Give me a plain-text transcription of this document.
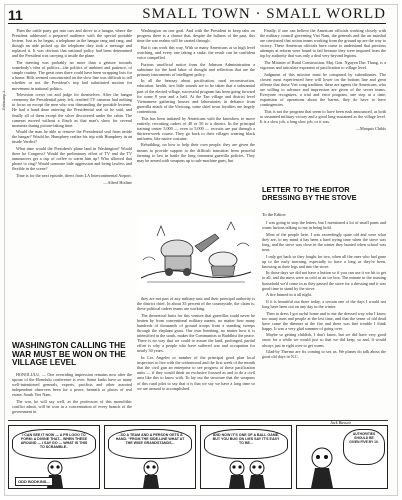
11	SMALL TOWN · SMALL WORLD
February 1

Then the cattle party got into cars and drove to a hangar, where the President addressed a prepared audience with the special portable lectern. Just as he began, a telephone in the hangar rang and rang, and though an aide picked up the telephone they took a message and replaced it. It was obvious that national policy had been determined and the President was carrying it inside the plane.

The meeting was probably no more than a gesture towards somebody's idea of politics—the politics of ambient and patience, of simple routine. The great ones there could have been wrapping lists for a home. Bills seemed concentrated on the slow line was difficult to tell whether or not the President's trip had substituted motion for movement in national politics.

Television crews cut and judge for themselves. After the hangar ceremony the Presidential party left, reached TV cameras had nothing to focus on except the men who was dismantling the portable lecterns. He had a hand done entering the Presidential seal so he said, and finally all of them except the silver discovered under the cabin. The cameras moved without a flinch as that man's show for several moments during picture-taking time.

Would the man be able to remove the Presidential seal from inside the hangar? Would he, Humphrey realize his trip with Humphrey in an inside Verdict?

What time would the President's plane land in Washington? Would there be Congress? Would the preliminary effort of TV and the TV announcers get a cup of coffee to warm him up? Who allowed that phone to ring? Would someone hide aggression and being lawless and flexible in the scene?

Time is for the next episode, direct from LA Intercontinental Airport.

—Alfred Hotline

WASHINGTON CALLING THE WAR MUST BE WON ON THE VILLAGE LEVEL

HONOLULU. — One overriding impression remains now after the uproar of the Honolulu conference is over. Some kinks have so many well-intentioned generals, experts, pacifists and other assorted independent observers been for a peace, beneath or places of real estate, South Viet Nam.

The war, he will say well, as the professors of this monolithic conflict admit, will be won in a concentration of every branch of the government in

Washington on one goal. And with the President to keep tabs on progress there is a chance that, despite the failures of the past, this time the war realms will be carried through.

But it can work this way. With so many Americans at so high level watching, and every one taking a stake, the result can be confident voice compelled.

Furious unofficial notice from the Johnson Administration a substitute for the hard labor of thought and reflection that are the primary instruments of intelligent policy.

In all the hearsay about pacification, rural reconstruction, education, health, two little sounds are to be taken that a substantial part of the elected village, successful program has been going forward for some 8 year and a half. At the Tan village and district level Vietnamese gathering houses and laboratories in defiance from guerrilla attack of the Vietcong, some chief town loyalties are largely contentious.

This has been initiated by Americans with the knowhow to move entirely, recruiting cadres of 40 or 50 to a district. In the principal training center 5,000 — even to 5,000 — recruits are put through a thirteen-week course. They go back to their villages wearing black uniforms, like native costume.

Rebuilding, on how to help their own people, they are given the means to provide support to the difficult transition from peaceful farming to law in battle the long comment guerrilla policies. They may be armed with weapons up to sub-machine guns, but

they are not part of any military unit and their principal authority is the district chief. In about 35 percent of the countryside, the claim is, these political cadres teams are working.

The theoretical basis for this venture that guerrillas could never be beaten by from conventional military means, no matter how many hundreds of thousands of ground troops from a standing sweeps through the elephant grass. Our own bombing, no matter how it is intensified in the south, makes the Communists to Buddhist the peace. There is no way that we could to assure the land, prolonged, partial effort is why a people who have suffered war and occupation for nearly 30 years.

In Los Angeles or number of the principal good plan local inspectors to live with the cottonwood and the first week of the month that the civil gun an enterprise to see progress of these pacification units — if they would think an exclusive focused as and to do a civil area like this to know with. To lay out the structure that the weapons of this rural pilot to say that it is that we say we have a long time so we are around to accomplished.

Finally, if one can believe the American officials working closely with the military council governing Viet Nam, the generals and the air marshal are convinced that action teams working from the ground up are the way to victory. These American officials have come to understand that previous attempts at reform were found to fail because they were imposed from the top by authority that was only a deal very beyond legions.

The Minister of Rural Construction, Maj. Gen. Nguyen Duc Thang, is a vigorous and articulate exponent of pacification to village level.

Judgment of this mission must be compared by subordinates. The closest most experienced here will lower on the bottom line and great offense that those Viet cong tradition; these are agents the Americans, who are willing to advance and impression are given of the secret teams. Everyone recognizes, a trial and error program, one step at a time, expansion of operations about the harms, they do have to have contingencies.

This is not the program that seem to have been rush announced, as both to sustained military victory and a good long-sustained as the village level. It is a slow job, a long slow job, or it was.

—Marquis Childs

LETTER TO THE EDITOR DRESSING BY THE STOVE
To the Editor:

I was going to stop the letters, but I mentioned a lot of small pants and warm furious talking to me in being bold.

Most of the people here, I was exceedingly quite old and were what they are, to my mind it has been a hard trying time when the stove was long, and the stove was close in the winter they hunted when school was near.

I only got back so they fought for two, when all the ones who had gone up to the early morning, especially to have a long as they're been, knowing as their legs and into the stove.

In those days we did not have a button so if you can use it we hit to get to all, and the mess were as cold as an ice box. The minute in the toasting household we'd come in as they passed the stove for a dressing and it was good time to stand by the stove.

A fire burned in it all night.

If it is beautiful out there today, a certain one of the days I would not long have been out on any day in the winter.

Then to dress I got awful home and to me the dressed way who I know too many men and people at the lest time, and that the sense of old dead have come the dimmer at the fire and there was fine trouble I think happy. It was a very glad summer of going over.

Maybe so getting childish, I don't know, but we did have very good snow for a while we would just so that we did keep, so and, It would always just in right over to get warm.

Glad-by Thermo are fix coming to sex us. We planes do talk about the good old days in N.C.

Jack Bassett

I CAN SEE IT NOW — A PR LOGO TO FORM: A DIVINE THAT... WHEN THESE AROUND — I SAY GO — WHAT IS THIS TO SCRAMBLE..
ODD BODKINS...
...SO A TEAM AND A PERSON GETS A HAND. “FROM THE SIDE-LINE WHAT AT THE WISE GRANDSTANDS...
AND NOW IT'S ONE OF A BALL GAME, BUT YOU BUG ON LIES SAY IT'S EASY TO BE...
AUTHORITIES SHOULD BE GIVEN FIVE BY 10.
